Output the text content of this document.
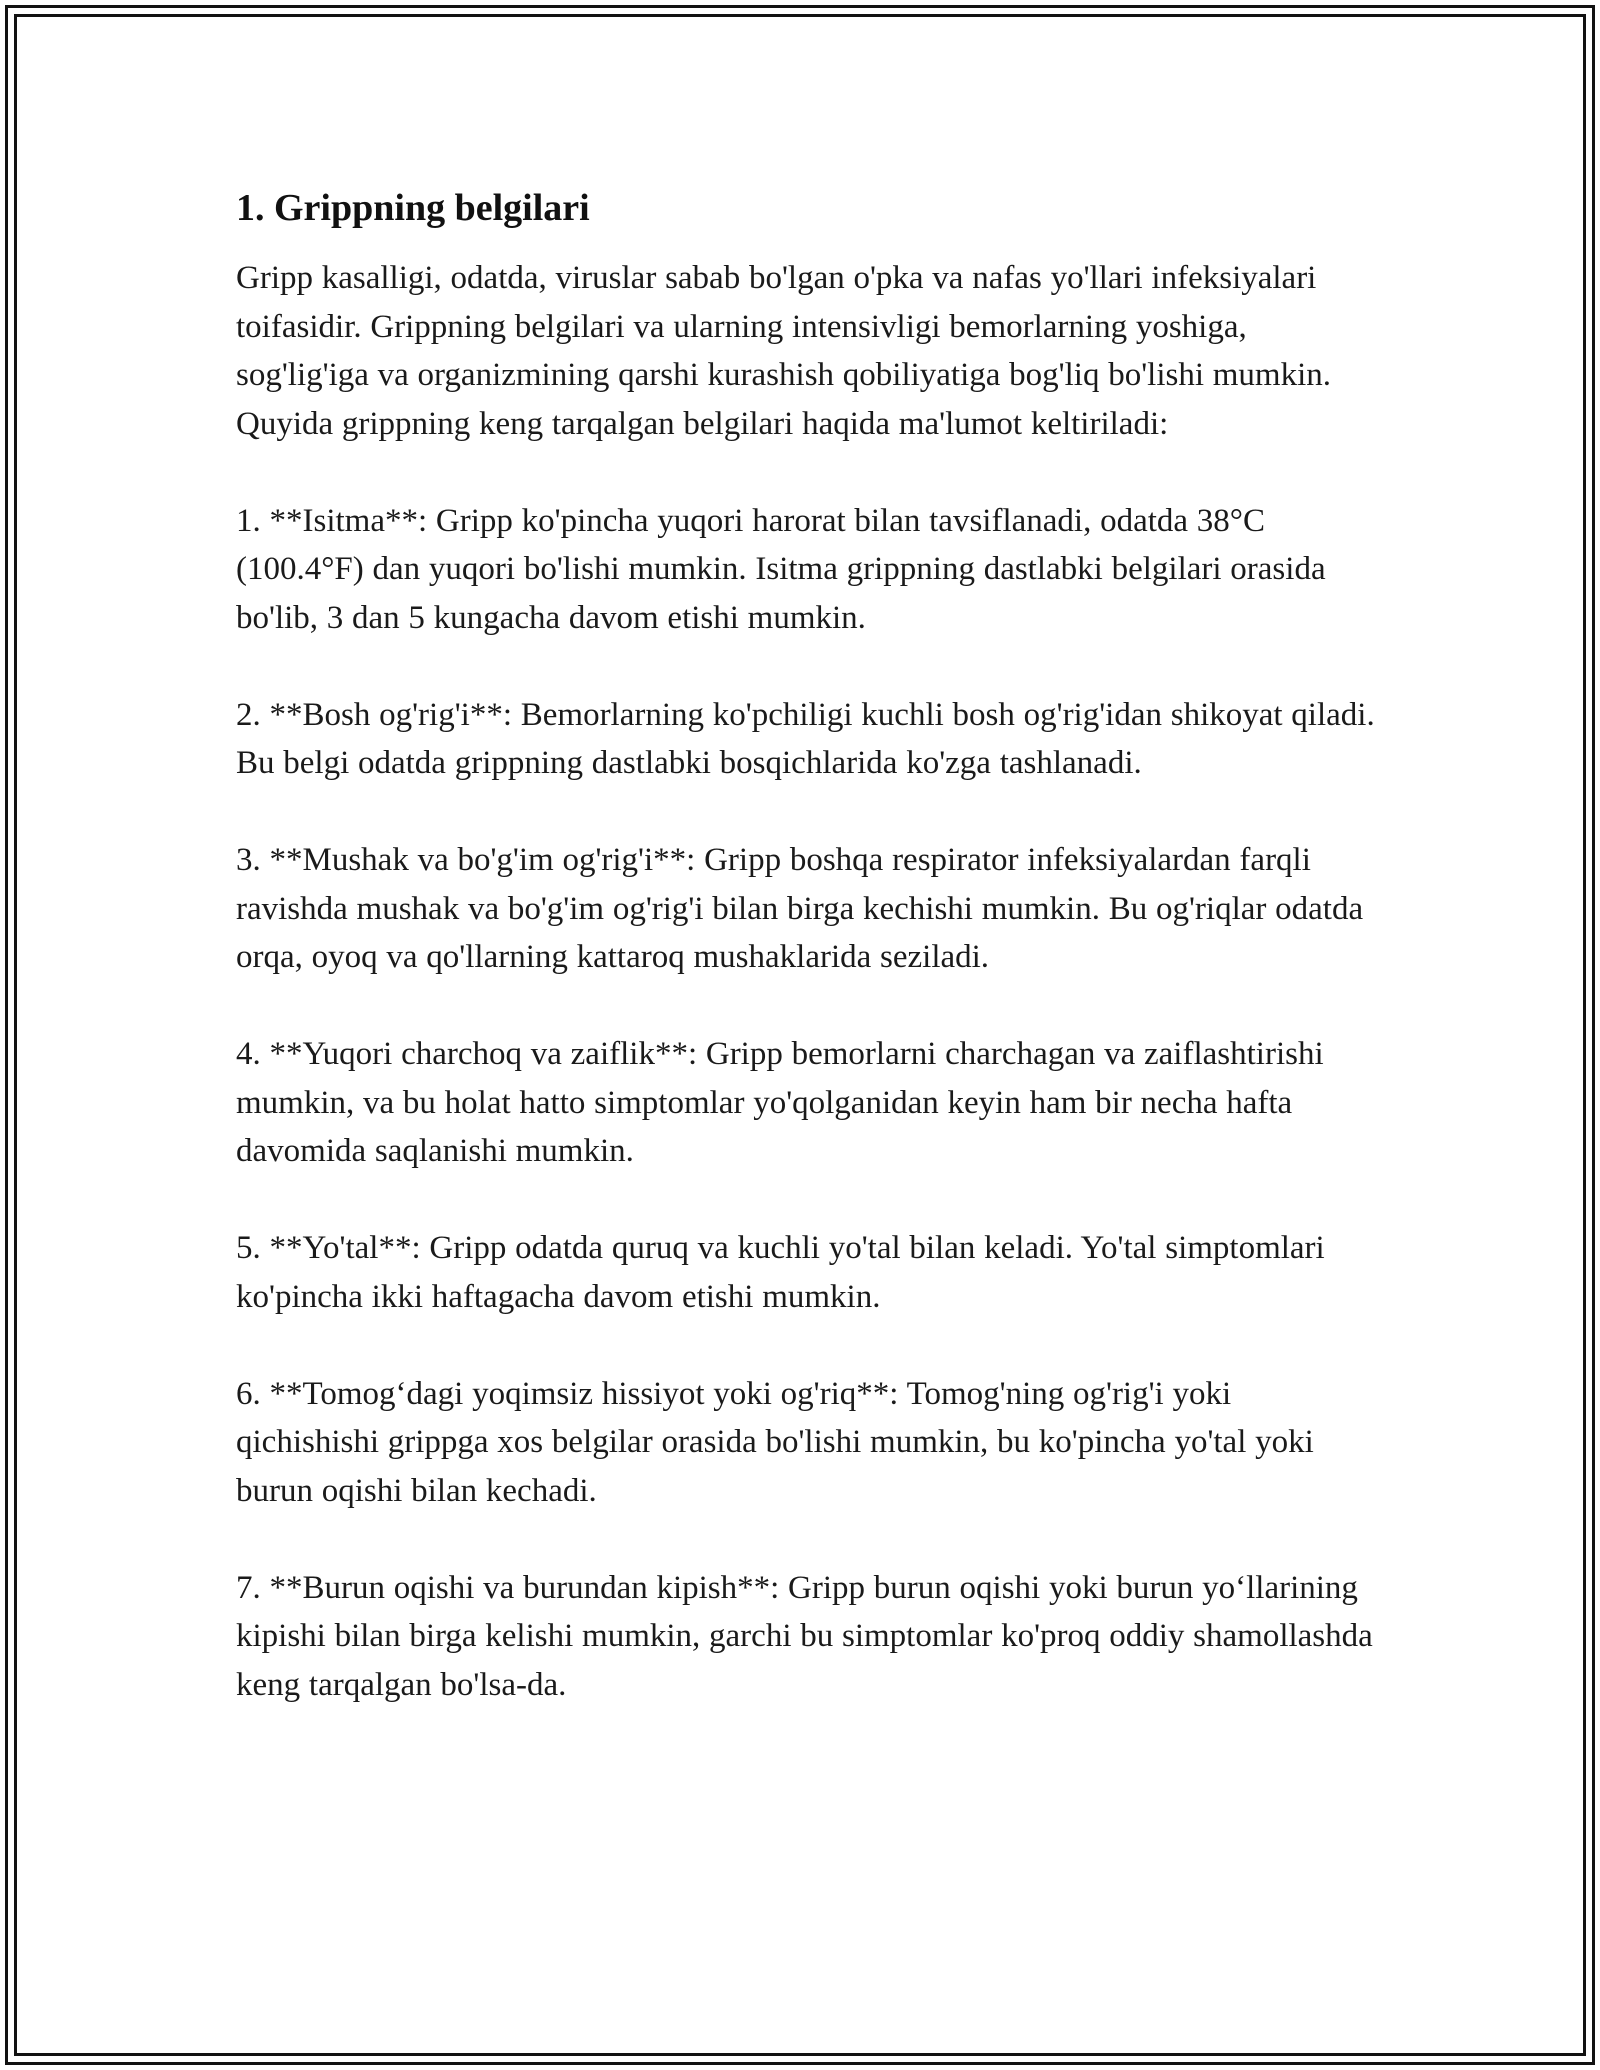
1. Grippning belgilari

Gripp kasalligi, odatda, viruslar sabab bo'lgan o'pka va nafas yo'llari infeksiyalari toifasidir. Grippning belgilari va ularning intensivligi bemorlarning yoshiga, sog'lig'iga va organizmining qarshi kurashish qobiliyatiga bog'liq bo'lishi mumkin. Quyida grippning keng tarqalgan belgilari haqida ma'lumot keltiriladi:

1. **Isitma**: Gripp ko'pincha yuqori harorat bilan tavsiflanadi, odatda 38°C (100.4°F) dan yuqori bo'lishi mumkin. Isitma grippning dastlabki belgilari orasida bo'lib, 3 dan 5 kungacha davom etishi mumkin.

2. **Bosh og'rig'i**: Bemorlarning ko'pchiligi kuchli bosh og'rig'idan shikoyat qiladi. Bu belgi odatda grippning dastlabki bosqichlarida ko'zga tashlanadi.

3. **Mushak va bo'g'im og'rig'i**: Gripp boshqa respirator infeksiyalardan farqli ravishda mushak va bo'g'im og'rig'i bilan birga kechishi mumkin. Bu og'riqlar odatda orqa, oyoq va qo'llarning kattaroq mushaklarida seziladi.

4. **Yuqori charchoq va zaiflik**: Gripp bemorlarni charchagan va zaiflashtirishi mumkin, va bu holat hatto simptomlar yo'qolganidan keyin ham bir necha hafta davomida saqlanishi mumkin.

5. **Yo'tal**: Gripp odatda quruq va kuchli yo'tal bilan keladi. Yo'tal simptomlari ko'pincha ikki haftagacha davom etishi mumkin.

6. **Tomog‘dagi yoqimsiz hissiyot yoki og'riq**: Tomog'ning og'rig'i yoki qichishishi grippga xos belgilar orasida bo'lishi mumkin, bu ko'pincha yo'tal yoki burun oqishi bilan kechadi.

7. **Burun oqishi va burundan kipish**: Gripp burun oqishi yoki burun yo‘llarining kipishi bilan birga kelishi mumkin, garchi bu simptomlar ko'proq oddiy shamollashda keng tarqalgan bo'lsa-da.
